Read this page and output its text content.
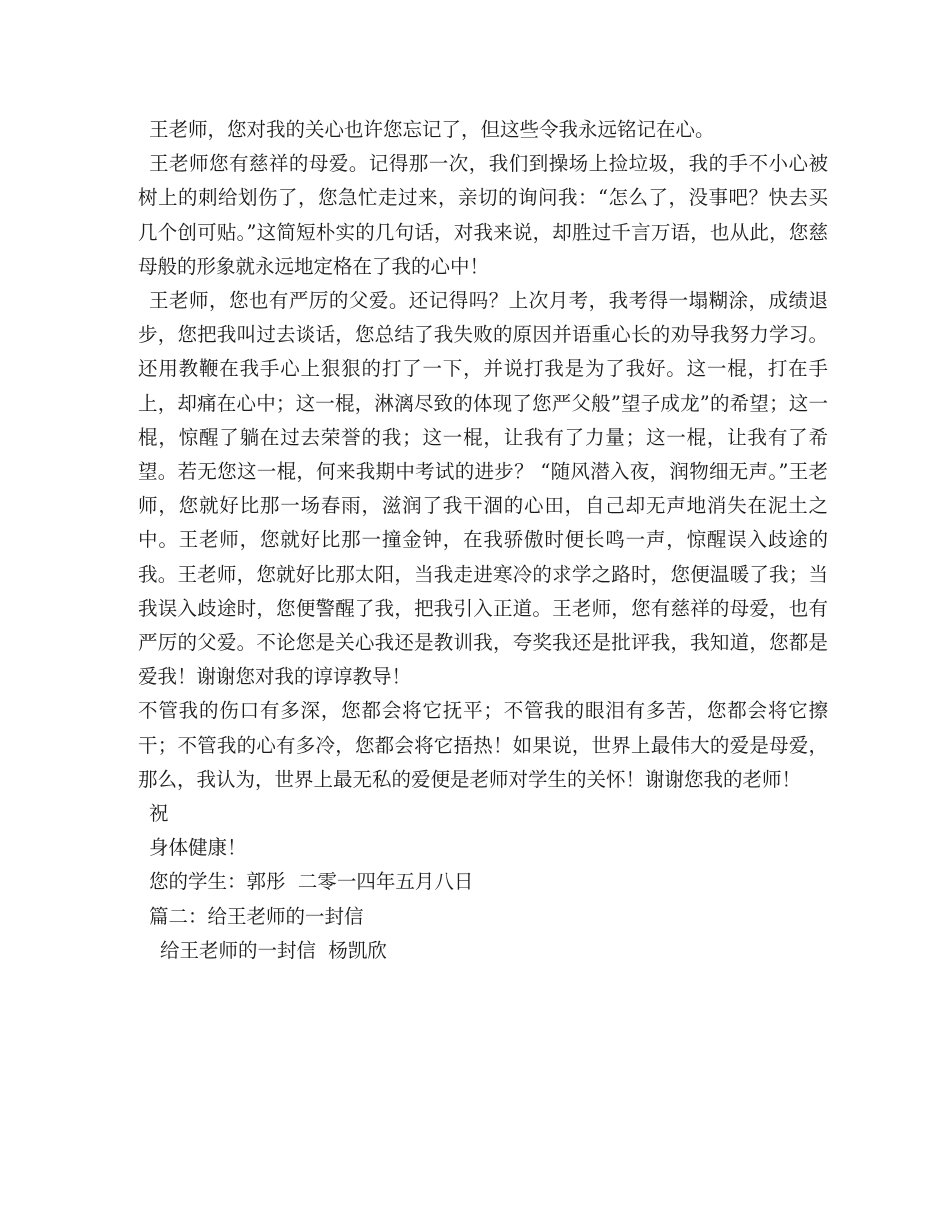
王老师，您对我的关心也许您忘记了，但这些令我永远铭记在心。

王老师您有慈祥的母爱。记得那一次，我们到操场上捡垃圾，我的手不小心被树上的刺给划伤了，您急忙走过来，亲切的询问我：“怎么了，没事吧？快去买几个创可贴。”这简短朴实的几句话，对我来说，却胜过千言万语，也从此，您慈母般的形象就永远地定格在了我的心中！

王老师，您也有严厉的父爱。还记得吗？上次月考，我考得一塌糊涂，成绩退步，您把我叫过去谈话，您总结了我失败的原因并语重心长的劝导我努力学习。还用教鞭在我手心上狠狠的打了一下，并说打我是为了我好。这一棍，打在手上，却痛在心中；这一棍，淋漓尽致的体现了您严父般”望子成龙”的希望；这一棍，惊醒了躺在过去荣誉的我；这一棍，让我有了力量；这一棍，让我有了希望。若无您这一棍，何来我期中考试的进步？ “随风潜入夜，润物细无声。”王老师，您就好比那一场春雨，滋润了我干涸的心田，自己却无声地消失在泥土之中。王老师，您就好比那一撞金钟，在我骄傲时便长鸣一声，惊醒误入歧途的我。王老师，您就好比那太阳，当我走进寒冷的求学之路时，您便温暖了我；当我误入歧途时，您便警醒了我，把我引入正道。王老师，您有慈祥的母爱，也有严厉的父爱。不论您是关心我还是教训我，夸奖我还是批评我，我知道，您都是爱我！谢谢您对我的谆谆教导！

不管我的伤口有多深，您都会将它抚平；不管我的眼泪有多苦，您都会将它擦干；不管我的心有多冷，您都会将它捂热！如果说，世界上最伟大的爱是母爱，那么，我认为，世界上最无私的爱便是老师对学生的关怀！谢谢您我的老师！

祝

身体健康！

您的学生：郭彤  二零一四年五月八日

篇二：给王老师的一封信

给王老师的一封信  杨凯欣
